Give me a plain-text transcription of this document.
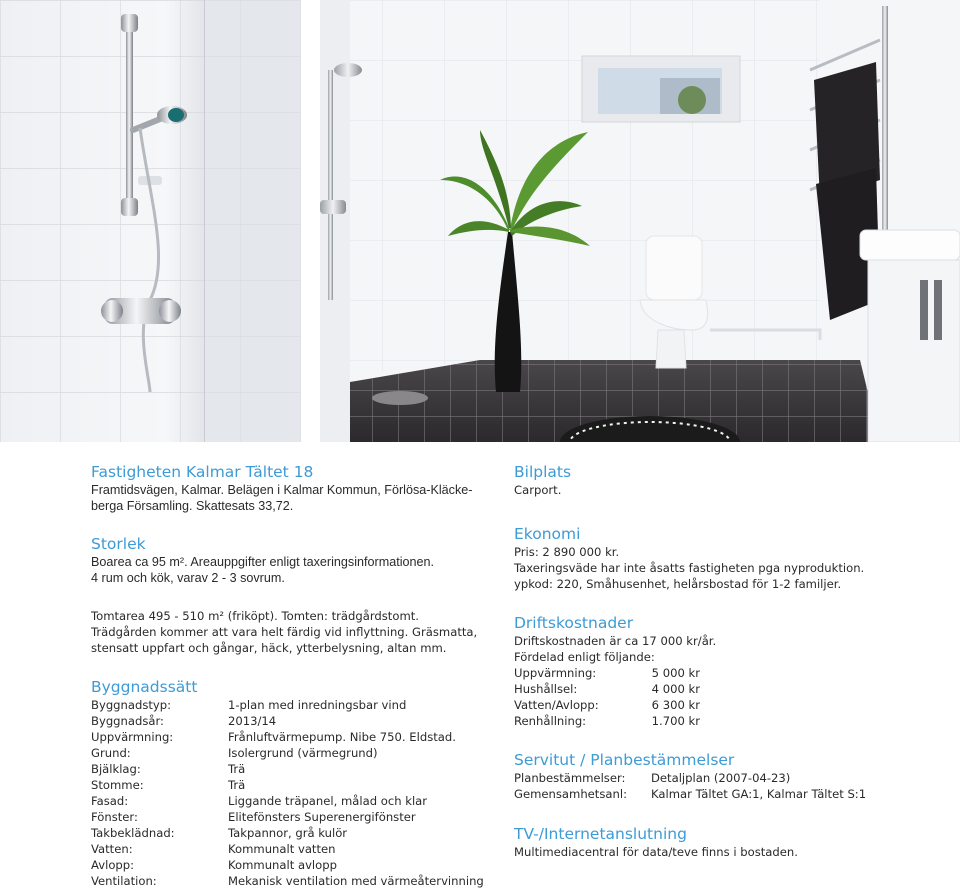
Fastigheten Kalmar Tältet 18

Framtidsvägen, Kalmar. Belägen i Kalmar Kommun, Förlösa-Kläcke-

berga Församling. Skattesats 33,72.

Storlek

Boarea ca 95 m². Areauppgifter enligt taxeringsinformationen.

4 rum och kök, varav 2 - 3 sovrum.

Tomtarea 495 - 510 m² (friköpt). Tomten: trädgårdstomt.

Trädgården kommer att vara helt färdig vid inflyttning. Gräsmatta,

stensatt uppfart och gångar, häck, ytterbelysning, altan mm.

Byggnadssätt
Byggnadstyp:	1-plan med inredningsbar vind
Byggnadsår:	2013/14
Uppvärmning:	Frånluftvärmepump. Nibe 750. Eldstad.
Grund:	Isolergrund (värmegrund)
Bjälklag:	Trä
Stomme:	Trä
Fasad:	Liggande träpanel, målad och klar
Fönster:	Elitefönsters Superenergifönster
Takbeklädnad:	Takpannor, grå kulör
Vatten:	Kommunalt vatten
Avlopp:	Kommunalt avlopp
Ventilation:	Mekanisk ventilation med värmeåtervinning
Bilplats

Carport.

Ekonomi

Pris: 2 890 000 kr.

Taxeringsväde har inte åsatts fastigheten pga nyproduktion.

ypkod: 220, Småhusenhet, helårsbostad för 1-2 familjer.

Driftskostnader

Driftskostnaden är ca 17 000 kr/år.

Fördelad enligt följande:

Uppvärmning:	5 000 kr
Hushållsel:	4 000 kr
Vatten/Avlopp:	6 300 kr
Renhållning:	1.700 kr
Servitut / Planbestämmelser
Planbestämmelser:	Detaljplan (2007-04-23)
Gemensamhetsanl:	Kalmar Tältet GA:1, Kalmar Tältet S:1
TV-/Internetanslutning

Multimediacentral för data/teve finns i bostaden.
